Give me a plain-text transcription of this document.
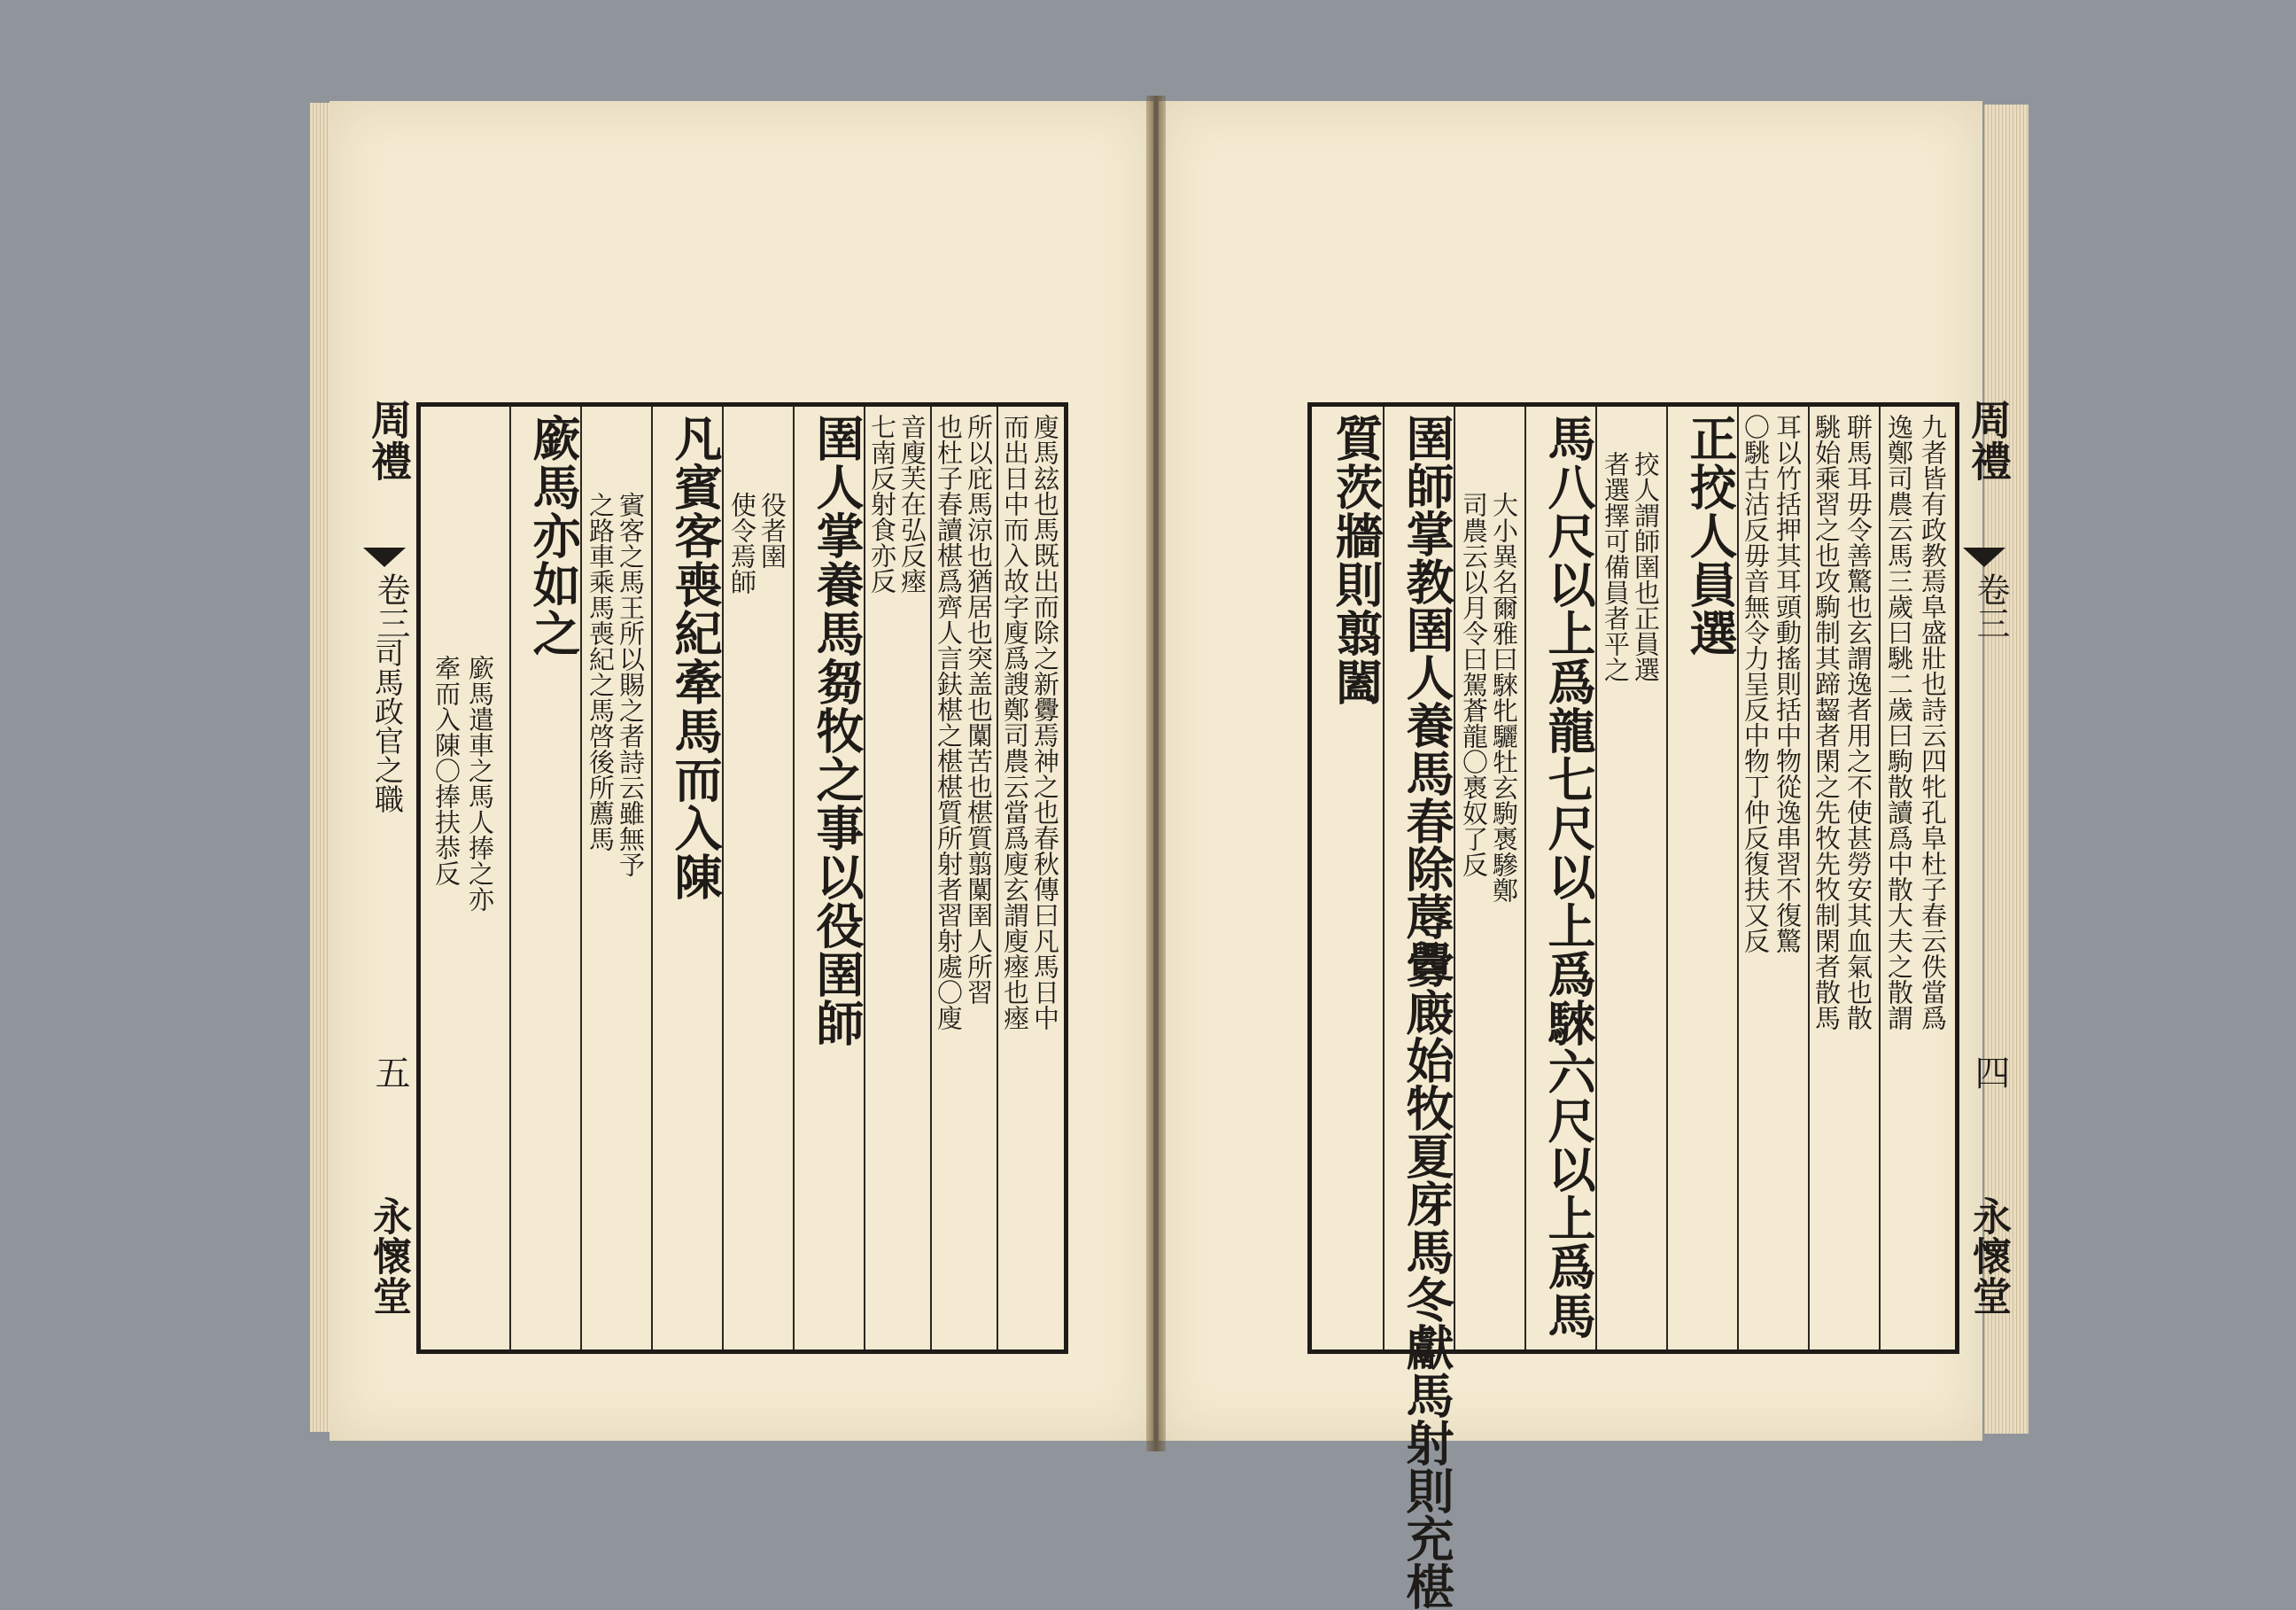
周禮
卷三
司馬政官之職
五
永懷堂
牽而入陳〇捧扶恭反 廞馬遣車之馬人捧之亦
廞馬亦如之 之路車乘馬喪紀之馬啓後所薦馬 賓客之馬王所以賜之者詩云雖無予 凡賓客喪紀牽馬而入陳 使令焉師 役者圉 圉人掌養馬芻牧之事以役圉師 七南反射食亦反 音廋芙在弘反瘞 也杜子春讀椹爲齊人言鈇椹之椹椹質所射者習射處〇廋 所以庇馬涼也猶居也突盖也闑苦也椹質翦闑圉人所習 而出日中而入故字廋爲謏鄭司農云當爲廋玄謂廋瘞也瘞 廋馬玆也馬既出而除之新釁焉神之也春秋傳曰凡馬日中	質茨牆則翦闔 圉師掌教圉人養馬春除蓐釁廄始牧夏庌馬冬獻馬射則充椹 司農云以月令曰駕蒼龍〇褭奴了反 大小異名爾雅曰騋牝驪牡玄駒褭驂鄭 馬八尺以上爲龍七尺以上爲騋六尺以上爲馬 者選擇可備員者平之 挍人謂師圉也正員選 正挍人員選 〇駣古沽反毋音無令力呈反中物丁仲反復扶又反 耳以竹括押其耳頭動搖則括中物從逸串習不復驚 駣始乘習之也攻駒制其蹄齧者閑之先牧先牧制閑者散馬 聠馬耳毋令善驚也玄謂逸者用之不使甚勞安其血氣也散 逸鄭司農云馬三歲曰駣二歲曰駒散讀爲中散大夫之散謂 九者皆有政教焉阜盛壯也詩云四牝孔阜杜子春云佚當爲 周禮
卷三
四
永懷堂
